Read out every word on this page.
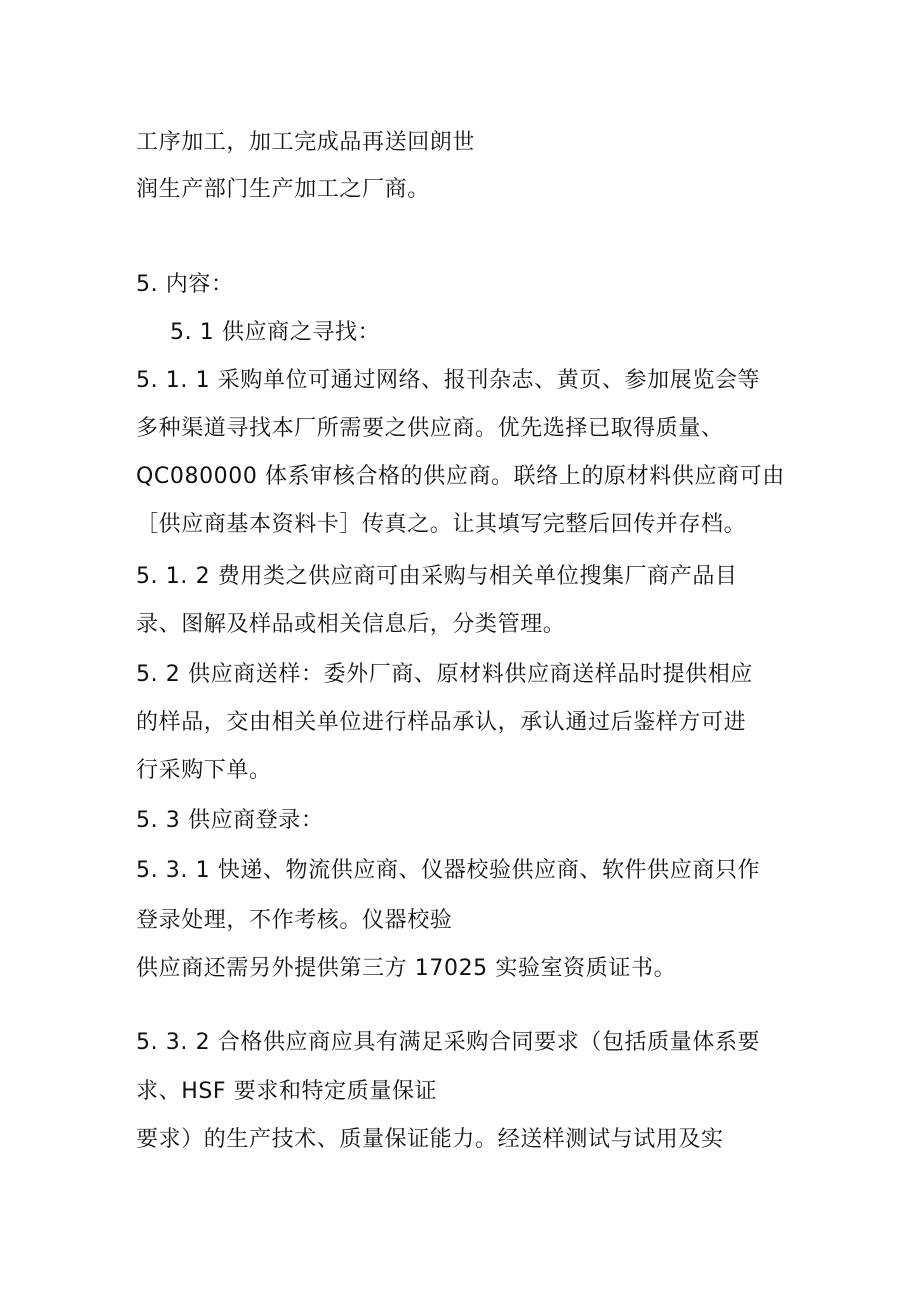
工序加工，加工完成品再送回朗世
润生产部门生产加工之厂商。
5. 内容：
5. 1 供应商之寻找：
5. 1. 1 采购单位可通过网络、报刊杂志、黄页、参加展览会等
多种渠道寻找本厂所需要之供应商。优先选择已取得质量、
QC080000 体系审核合格的供应商。联络上的原材料供应商可由
［供应商基本资料卡］传真之。让其填写完整后回传并存档。
5. 1. 2 费用类之供应商可由采购与相关单位搜集厂商产品目
录、图解及样品或相关信息后，分类管理。
5. 2 供应商送样：委外厂商、原材料供应商送样品时提供相应
的样品，交由相关单位进行样品承认，承认通过后鉴样方可进
行采购下单。
5. 3 供应商登录：
5. 3. 1 快递、物流供应商、仪器校验供应商、软件供应商只作
登录处理，不作考核。仪器校验
供应商还需另外提供第三方 17025 实验室资质证书。
5. 3. 2 合格供应商应具有满足采购合同要求（包括质量体系要
求、HSF 要求和特定质量保证
要求）的生产技术、质量保证能力。经送样测试与试用及实
